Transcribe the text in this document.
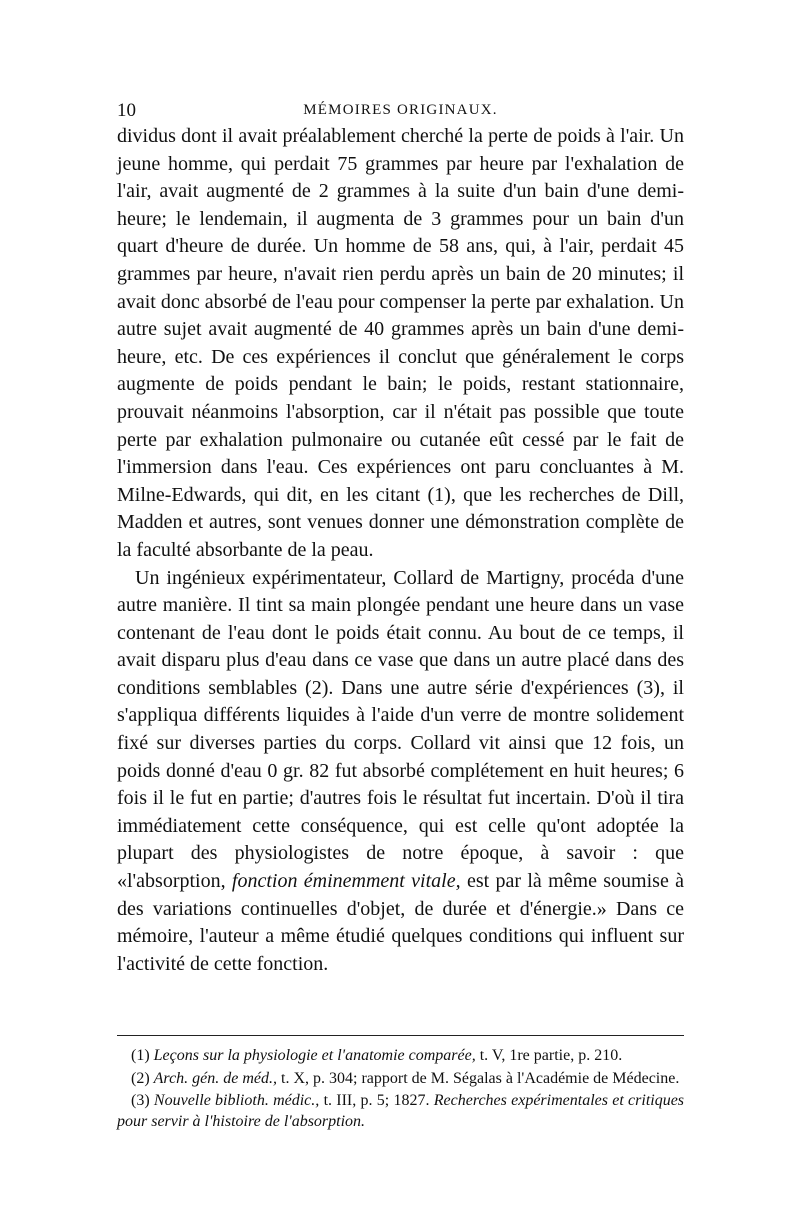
10	MÉMOIRES ORIGINAUX.

dividus dont il avait préalablement cherché la perte de poids à l'air. Un jeune homme, qui perdait 75 grammes par heure par l'exhalation de l'air, avait augmenté de 2 grammes à la suite d'un bain d'une demi-heure; le lendemain, il augmenta de 3 grammes pour un bain d'un quart d'heure de durée. Un homme de 58 ans, qui, à l'air, perdait 45 grammes par heure, n'avait rien perdu après un bain de 20 minutes; il avait donc absorbé de l'eau pour compenser la perte par exhalation. Un autre sujet avait augmenté de 40 grammes après un bain d'une demi-heure, etc. De ces expériences il conclut que généralement le corps augmente de poids pendant le bain; le poids, restant stationnaire, prouvait néanmoins l'absorption, car il n'était pas possible que toute perte par exhalation pulmonaire ou cutanée eût cessé par le fait de l'immersion dans l'eau. Ces expériences ont paru concluantes à M. Milne-Edwards, qui dit, en les citant (1), que les recherches de Dill, Madden et autres, sont venues donner une démonstration complète de la faculté absorbante de la peau.

Un ingénieux expérimentateur, Collard de Martigny, procéda d'une autre manière. Il tint sa main plongée pendant une heure dans un vase contenant de l'eau dont le poids était connu. Au bout de ce temps, il avait disparu plus d'eau dans ce vase que dans un autre placé dans des conditions semblables (2). Dans une autre série d'expériences (3), il s'appliqua différents liquides à l'aide d'un verre de montre solidement fixé sur diverses parties du corps. Collard vit ainsi que 12 fois, un poids donné d'eau 0 gr. 82 fut absorbé complétement en huit heures; 6 fois il le fut en partie; d'autres fois le résultat fut incertain. D'où il tira immédiatement cette conséquence, qui est celle qu'ont adoptée la plupart des physiologistes de notre époque, à savoir : que «l'absorption, fonction éminemment vitale, est par là même soumise à des variations continuelles d'objet, de durée et d'énergie.» Dans ce mémoire, l'auteur a même étudié quelques conditions qui influent sur l'activité de cette fonction.

(1) Leçons sur la physiologie et l'anatomie comparée, t. V, 1re partie, p. 210.

(2) Arch. gén. de méd., t. X, p. 304; rapport de M. Ségalas à l'Académie de Médecine.

(3) Nouvelle biblioth. médic., t. III, p. 5; 1827. Recherches expérimentales et critiques pour servir à l'histoire de l'absorption.
